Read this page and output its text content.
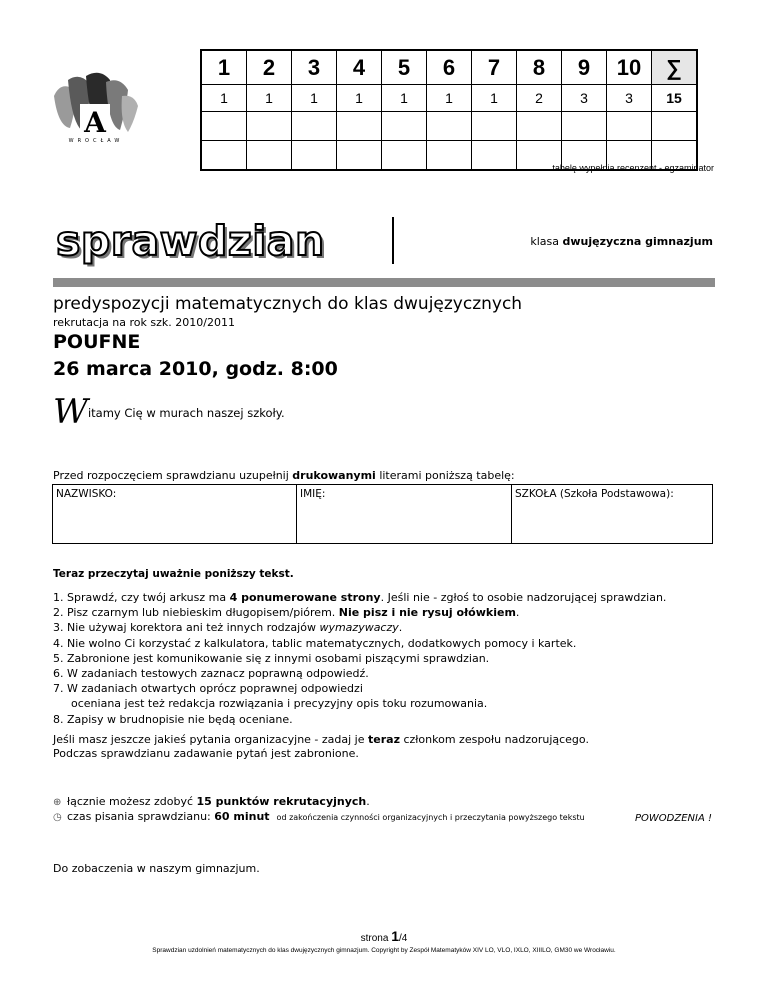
A
WROCŁAW
1	2	3	4	5	6	7	8	9	10	∑
1	1	1	1	1	1	1	2	3	3	15

tabelę wypełnia recenzent - egzaminator
sprawdzian	klasa dwujęzyczna gimnazjum
predyspozycji matematycznych do klas dwujęzycznych
rekrutacja na rok szk. 2010/2011
POUFNE
26 marca 2010, godz. 8:00
Witamy Cię w murach naszej szkoły.
Przed rozpoczęciem sprawdzianu uzupełnij drukowanymi literami poniższą tabelę:
NAZWISKO:	IMIĘ:	SZKOŁA (Szkoła Podstawowa):
Teraz przeczytaj uważnie poniższy tekst.
1. Sprawdź, czy twój arkusz ma 4 ponumerowane strony. Jeśli nie - zgłoś to osobie nadzorującej sprawdzian.
2. Pisz czarnym lub niebieskim długopisem/piórem. Nie pisz i nie rysuj ołówkiem.
3. Nie używaj korektora ani też innych rodzajów wymazywaczy.
4. Nie wolno Ci korzystać z kalkulatora, tablic matematycznych, dodatkowych pomocy i kartek.
5. Zabronione jest komunikowanie się z innymi osobami piszącymi sprawdzian.
6. W zadaniach testowych zaznacz poprawną odpowiedź.
7. W zadaniach otwartych oprócz poprawnej odpowiedzi
oceniana jest też redakcja rozwiązania i precyzyjny opis toku rozumowania.
8. Zapisy w brudnopisie nie będą oceniane.
Jeśli masz jeszcze jakieś pytania organizacyjne - zadaj je teraz członkom zespołu nadzorującego.
Podczas sprawdzianu zadawanie pytań jest zabronione.
⊕ łącznie możesz zdobyć 15 punktów rekrutacyjnych.
◷ czas pisania sprawdzianu: 60 minut od zakończenia czynności organizacyjnych i przeczytania powyższego tekstu	POWODZENIA !
Do zobaczenia w naszym gimnazjum.
strona 1/4
Sprawdzian uzdolnień matematycznych do klas dwujęzycznych gimnazjum. Copyright by Zespół Matematyków XIV LO, VLO, IXLO, XIIILO, GM30 we Wrocławiu.
